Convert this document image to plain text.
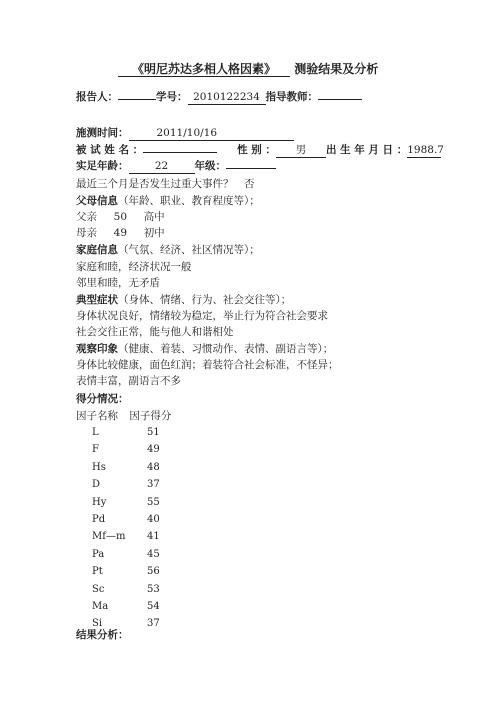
《明尼苏达多相人格因素》 测验结果及分析
报告人：	学号： 2010122234 指导教师：
施测时间：	2011/10/16
被 试 姓 名 ：	性 别 ： 男 出 生 年 月 日 ：1988.7
实足年龄：	22	年级：
最近三个月是否发生过重大事件？　否
父母信息（年龄、职业、教育程度等）；
父亲 50 高中
母亲 49 初中
家庭信息（气氛、经济、社区情况等）；
家庭和睦，经济状况一般
邻里和睦，无矛盾
典型症状（身体、情绪、行为、社会交往等）；
身体状况良好，情绪较为稳定，举止行为符合社会要求
社会交往正常，能与他人和谐相处
观察印象（健康、着装、习惯动作、表情、副语言等）；
身体比较健康，面色红润；着装符合社会标准，不怪异；
表情丰富，副语言不多
得分情况：
因子名称 因子得分
L	51
F	49
Hs	48
D	37
Hy	55
Pd	40
Mf—m 41
Pa	45
Pt	56
Sc	53
Ma	54
Si	37
结果分析：
